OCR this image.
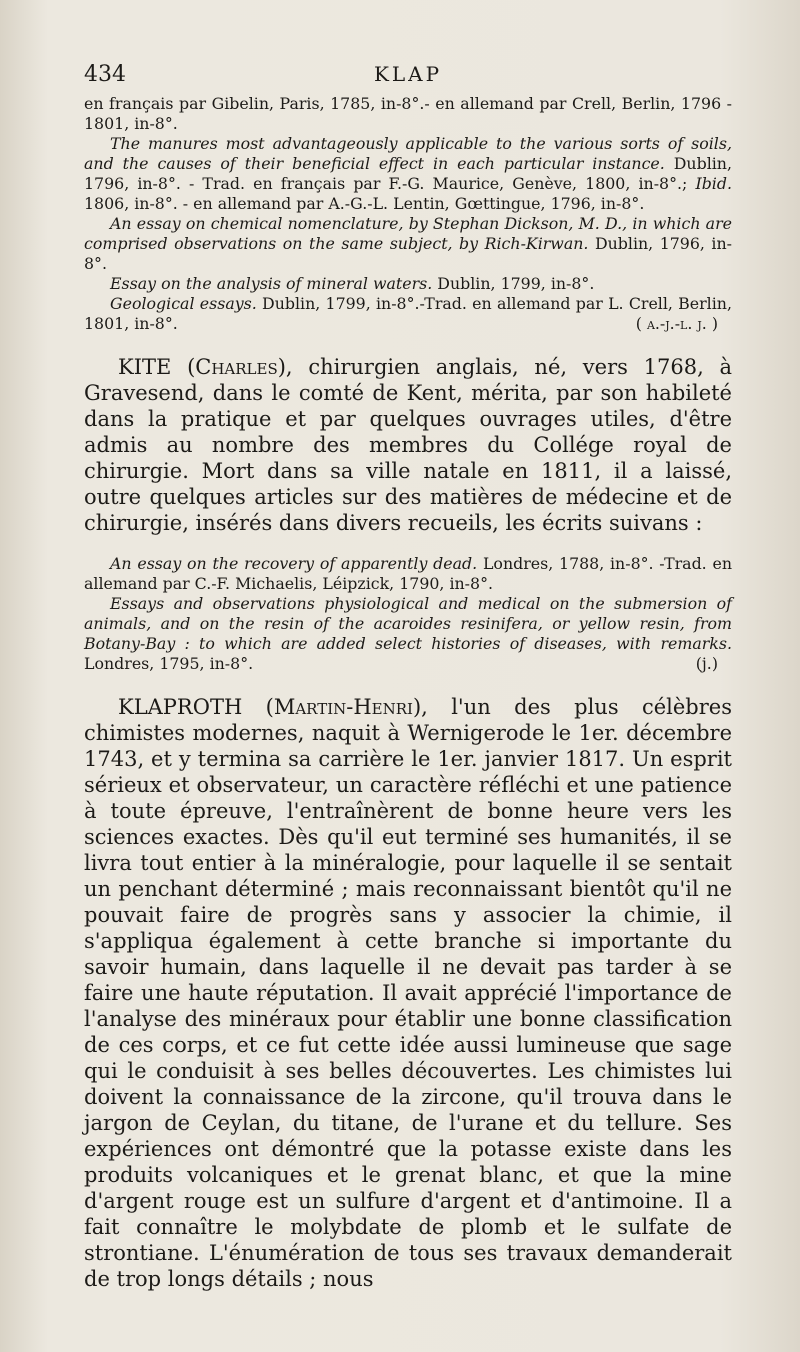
434	KLAP

en français par Gibelin, Paris, 1785, in-8°.- en allemand par Crell, Berlin, 1796 - 1801, in-8°.

The manures most advantageously applicable to the various sorts of soils, and the causes of their beneficial effect in each particular instance. Dublin, 1796, in-8°. - Trad. en français par F.-G. Maurice, Genève, 1800, in-8°.; Ibid. 1806, in-8°. - en allemand par A.-G.-L. Lentin, Gœttingue, 1796, in-8°.

An essay on chemical nomenclature, by Stephan Dickson, M. D., in which are comprised observations on the same subject, by Rich-Kirwan. Dublin, 1796, in-8°.

Essay on the analysis of mineral waters. Dublin, 1799, in-8°.

Geological essays. Dublin, 1799, in-8°.-Trad. en allemand par L. Crell, Berlin, 1801, in-8°.	( a.-j.-l. j. )

KITE (Charles), chirurgien anglais, né, vers 1768, à Gravesend, dans le comté de Kent, mérita, par son habileté dans la pratique et par quelques ouvrages utiles, d'être admis au nombre des membres du Collége royal de chirurgie. Mort dans sa ville natale en 1811, il a laissé, outre quelques articles sur des matières de médecine et de chirurgie, insérés dans divers recueils, les écrits suivans :

An essay on the recovery of apparently dead. Londres, 1788, in-8°. -Trad. en allemand par C.-F. Michaelis, Léipzick, 1790, in-8°.

Essays and observations physiological and medical on the submersion of animals, and on the resin of the acaroides resinifera, or yellow resin, from Botany-Bay : to which are added select histories of diseases, with remarks. Londres, 1795, in-8°.	(j.)

KLAPROTH (Martin-Henri), l'un des plus célèbres chimistes modernes, naquit à Wernigerode le 1er. décembre 1743, et y termina sa carrière le 1er. janvier 1817. Un esprit sérieux et observateur, un caractère réfléchi et une patience à toute épreuve, l'entraînèrent de bonne heure vers les sciences exactes. Dès qu'il eut terminé ses humanités, il se livra tout entier à la minéralogie, pour laquelle il se sentait un penchant déterminé ; mais reconnaissant bientôt qu'il ne pouvait faire de progrès sans y associer la chimie, il s'appliqua également à cette branche si importante du savoir humain, dans laquelle il ne devait pas tarder à se faire une haute réputation. Il avait apprécié l'importance de l'analyse des minéraux pour établir une bonne classification de ces corps, et ce fut cette idée aussi lumineuse que sage qui le conduisit à ses belles découvertes. Les chimistes lui doivent la connaissance de la zircone, qu'il trouva dans le jargon de Ceylan, du titane, de l'urane et du tellure. Ses expériences ont démontré que la potasse existe dans les produits volcaniques et le grenat blanc, et que la mine d'argent rouge est un sulfure d'argent et d'antimoine. Il a fait connaître le molybdate de plomb et le sulfate de strontiane. L'énumération de tous ses travaux demanderait de trop longs détails ; nous
